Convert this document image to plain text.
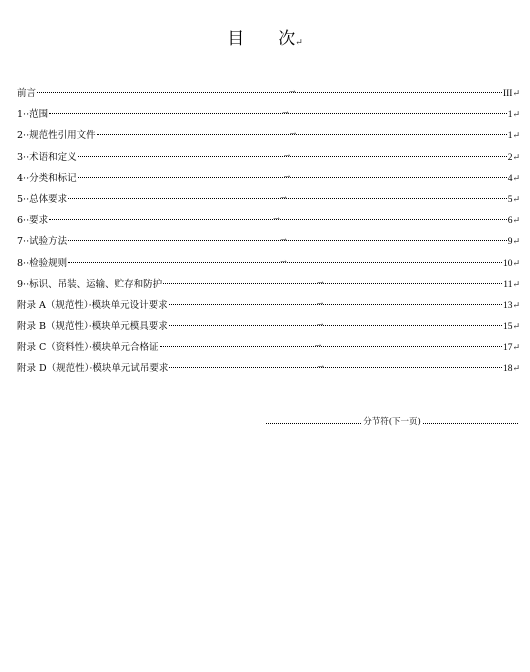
目 次↵
前言	→	III ↵
1··范围	→	1 ↵
2··规范性引用文件	→	1 ↵
3··术语和定义	→	2 ↵
4··分类和标记	→	4 ↵
5··总体要求	→	5 ↵
6··要求	→	6 ↵
7··试验方法	→	9 ↵
8··检验规则	→	10 ↵
9··标识、吊装、运输、贮存和防护	→	11 ↵
附录 A（规范性）·模块单元设计要求	→	13 ↵
附录 B（规范性）·模块单元模具要求	→	15 ↵
附录 C（资料性）·模块单元合格证	→	17 ↵
附录 D（规范性）·模块单元试吊要求	→	18 ↵
分节符(下一页)
